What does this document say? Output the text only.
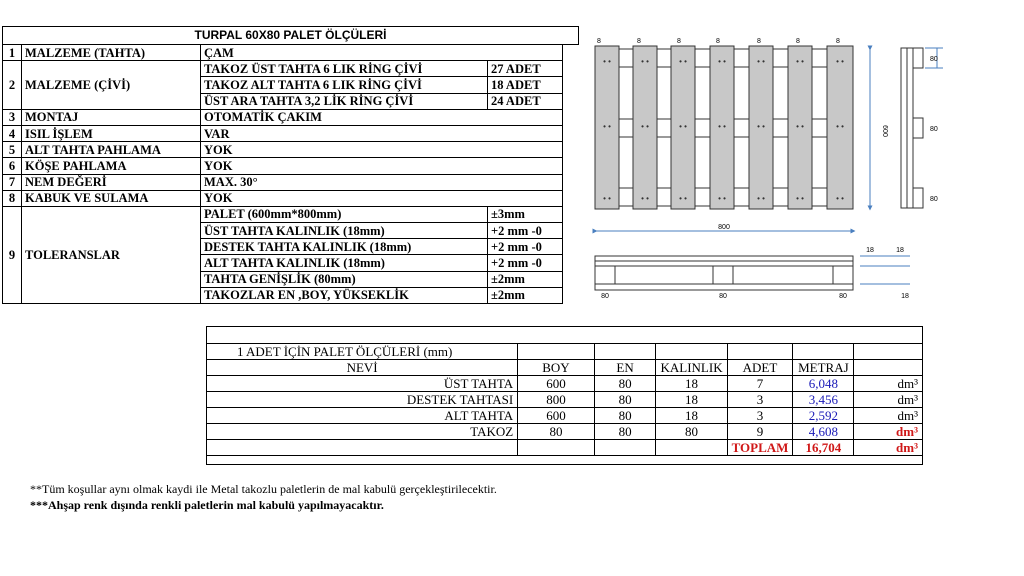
TURPAL 60X80 PALET ÖLÇÜLERİ
1	MALZEME (TAHTA)	ÇAM	
2	MALZEME (ÇİVİ)	TAKOZ ÜST TAHTA 6 LIK RİNG ÇİVİ	27 ADET
		TAKOZ ALT TAHTA 6 LIK RİNG ÇİVİ	18 ADET
		ÜST ARA TAHTA 3,2 LİK RİNG ÇİVİ	24 ADET
3	MONTAJ	OTOMATİK ÇAKIM	
4	ISIL İŞLEM	VAR	
5	ALT TAHTA PAHLAMA	YOK	
6	KÖŞE PAHLAMA	YOK	
7	NEM DEĞERİ	MAX. 30°	
8	KABUK VE SULAMA	YOK	
9	TOLERANSLAR	PALET (600mm*800mm)	±3mm
		ÜST TAHTA KALINLIK (18mm)	+2 mm -0
		DESTEK TAHTA KALINLIK (18mm)	+2 mm -0
		ALT TAHTA KALINLIK (18mm)	+2 mm -0
		TAHTA GENİŞLİK (80mm)	±2mm
		TAKOZLAR EN ,BOY, YÜKSEKLİK	±2mm
• •	• •	• •	• •	• •	• •	• •
• •	• •	• •	• •	• •	• •	• •
• •	• •	• •	• •	• •	• •	• •
8	8	8	8	8	8	8
600
800
80
80
80
80	80	80
18	18
18
1 ADET İÇİN PALET ÖLÇÜLERİ (mm)						
NEVİ	BOY	EN	KALINLIK	ADET	METRAJ	
ÜST TAHTA	600	80	18	7	6,048	dm³
DESTEK TAHTASI	800	80	18	3	3,456	dm³
ALT TAHTA	600	80	18	3	2,592	dm³
TAKOZ	80	80	80	9	4,608	dm³
				TOPLAM	16,704	dm³
**Tüm koşullar aynı olmak kaydi ile Metal takozlu paletlerin de mal kabulü gerçekleştirilecektir.
***Ahşap renk dışında renkli paletlerin mal kabulü yapılmayacaktır.
